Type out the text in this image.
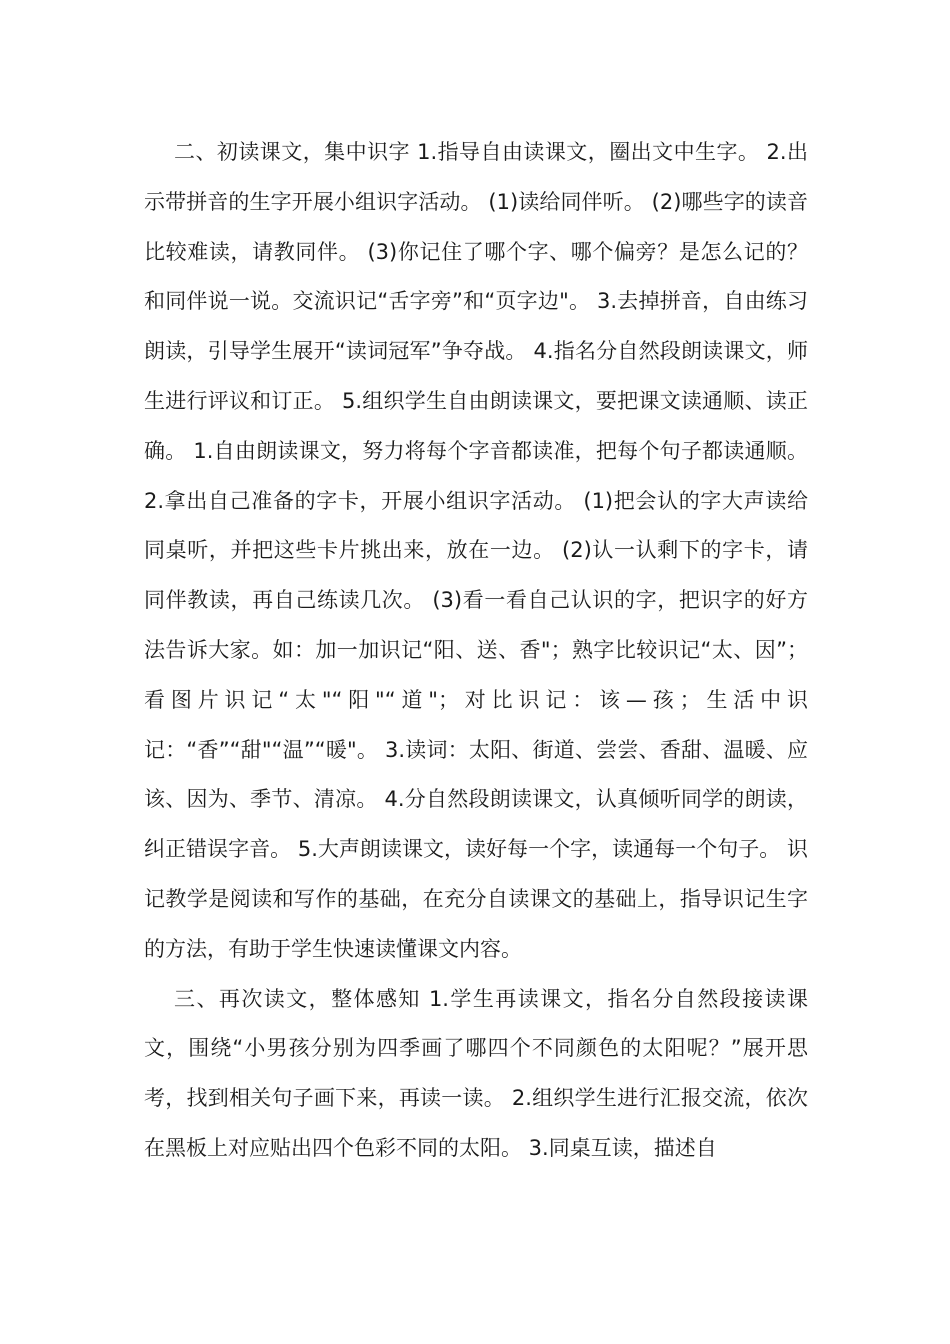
二、初读课文，集中识字 1.指导自由读课文，圈出文中生字。 2.出示带拼音的生字开展小组识字活动。 (1)读给同伴听。 (2)哪些字的读音比较难读，请教同伴。 (3)你记住了哪个字、哪个偏旁？是怎么记的？和同伴说一说。交流识记“舌字旁”和“页字边"。 3.去掉拼音，自由练习朗读，引导学生展开“读词冠军”争夺战。 4.指名分自然段朗读课文，师生进行评议和订正。 5.组织学生自由朗读课文，要把课文读通顺、读正确。 1.自由朗读课文，努力将每个字音都读准，把每个句子都读通顺。 2.拿出自己准备的字卡，开展小组识字活动。 (1)把会认的字大声读给同桌听，并把这些卡片挑出来，放在一边。 (2)认一认剩下的字卡，请同伴教读，再自己练读几次。 (3)看一看自己认识的字，把识字的好方法告诉大家。如：加一加识记“阳、送、香"；熟字比较识记“太、因”；看图片识记“太"“阳"“道"；对比识记：该—孩；生活中识记：“香”“甜"“温”“暖"。 3.读词：太阳、街道、尝尝、香甜、温暖、应该、因为、季节、清凉。 4.分自然段朗读课文，认真倾听同学的朗读，纠正错误字音。 5.大声朗读课文，读好每一个字，读通每一个句子。 识记教学是阅读和写作的基础，在充分自读课文的基础上，指导识记生字的方法，有助于学生快速读懂课文内容。

三、再次读文，整体感知 1.学生再读课文，指名分自然段接读课文，围绕“小男孩分别为四季画了哪四个不同颜色的太阳呢？”展开思考，找到相关句子画下来，再读一读。 2.组织学生进行汇报交流，依次在黑板上对应贴出四个色彩不同的太阳。 3.同桌互读，描述自
